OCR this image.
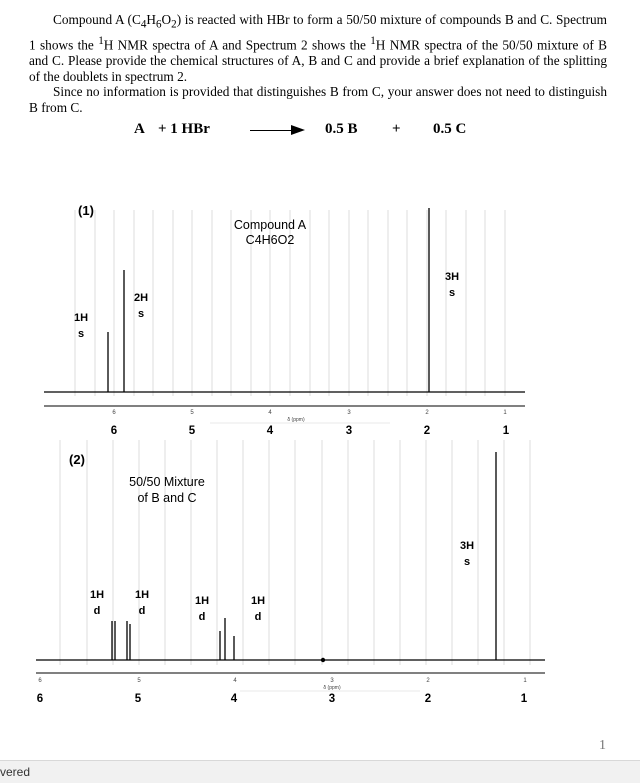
Compound A $(C_4H_6O_2)$ is reacted with HBr to form a 50/50 mixture of compounds B and C. Spectrum 1 shows the $^1$H NMR spectra of A and Spectrum 2 shows the $^1$H NMR spectra of the 50/50 mixture of B and C. Please provide the chemical structures of A, B and C and provide a brief explanation of the splitting of the doublets in spectrum 2.

Since no information is provided that distinguishes B from C, your answer does not need to distinguish B from C.

A + 1 HBr	0.5 B + 0.5 C
(1)
Compound A
C4H6O2
1H
s
2H
s
3H
s
6	5	4	3	2	1
δ (ppm)
6	5	4	3	2	1
(2)
50/50 Mixture
of B and C
1H
d
1H
d
1H
d
1H
d
3H
s
6	5	4	3	2	1
δ (ppm)
6	5	4	3	2	1
1
vered
